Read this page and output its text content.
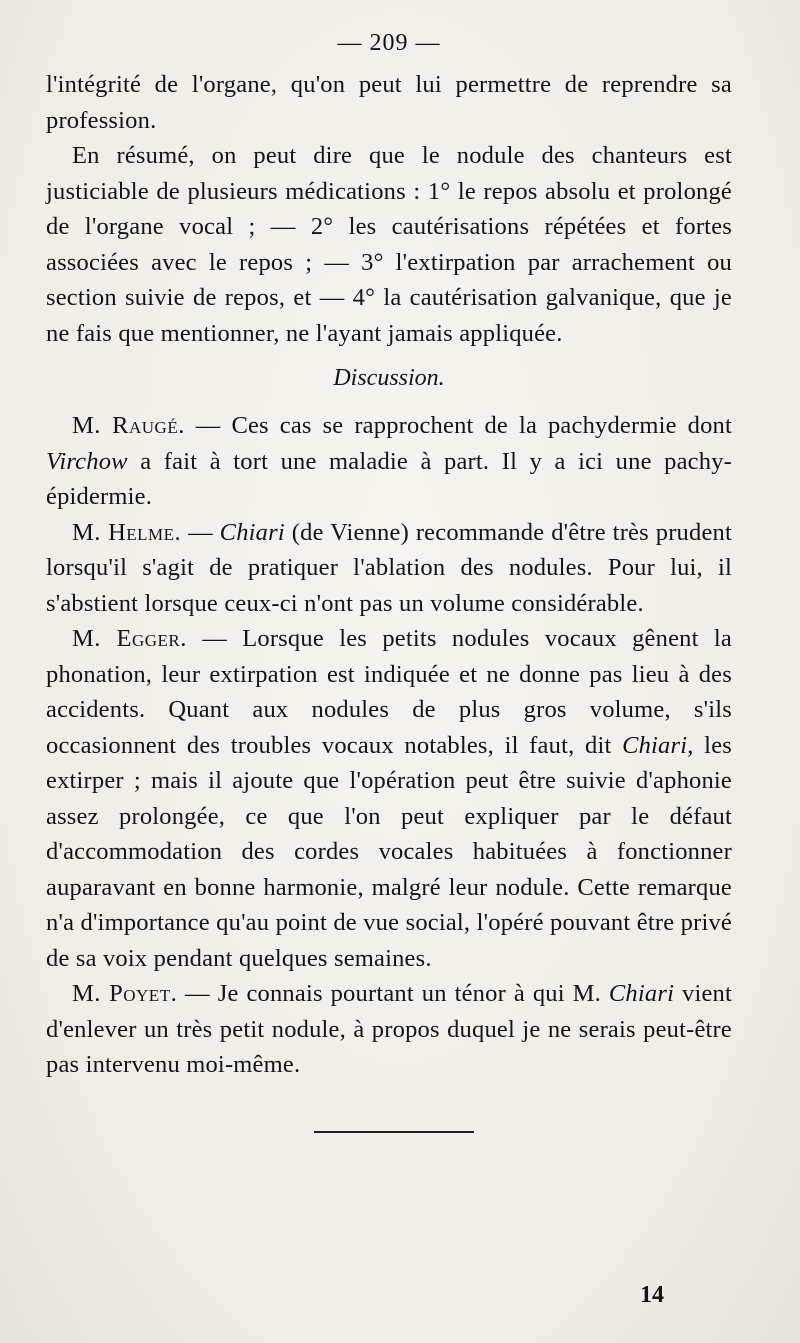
— 209 —

l'intégrité de l'organe, qu'on peut lui permettre de reprendre sa profession.

En résumé, on peut dire que le nodule des chanteurs est justiciable de plusieurs médications : 1° le repos absolu et prolongé de l'organe vocal ; — 2° les cautérisations répétées et fortes associées avec le repos ; — 3° l'extirpation par arrachement ou section suivie de repos, et — 4° la cautérisation galvanique, que je ne fais que mentionner, ne l'ayant jamais appliquée.

Discussion.

M. Raugé. — Ces cas se rapprochent de la pachydermie dont Virchow a fait à tort une maladie à part. Il y a ici une pachy-épidermie.

M. Helme. — Chiari (de Vienne) recommande d'être très prudent lorsqu'il s'agit de pratiquer l'ablation des nodules. Pour lui, il s'abstient lorsque ceux-ci n'ont pas un volume considérable.

M. Egger. — Lorsque les petits nodules vocaux gênent la phonation, leur extirpation est indiquée et ne donne pas lieu à des accidents. Quant aux nodules de plus gros volume, s'ils occasionnent des troubles vocaux notables, il faut, dit Chiari, les extirper ; mais il ajoute que l'opération peut être suivie d'aphonie assez prolongée, ce que l'on peut expliquer par le défaut d'accommodation des cordes vocales habituées à fonctionner auparavant en bonne harmonie, malgré leur nodule. Cette remarque n'a d'importance qu'au point de vue social, l'opéré pouvant être privé de sa voix pendant quelques semaines.

M. Poyet. — Je connais pourtant un ténor à qui M. Chiari vient d'enlever un très petit nodule, à propos duquel je ne serais peut-être pas intervenu moi-même.

14
